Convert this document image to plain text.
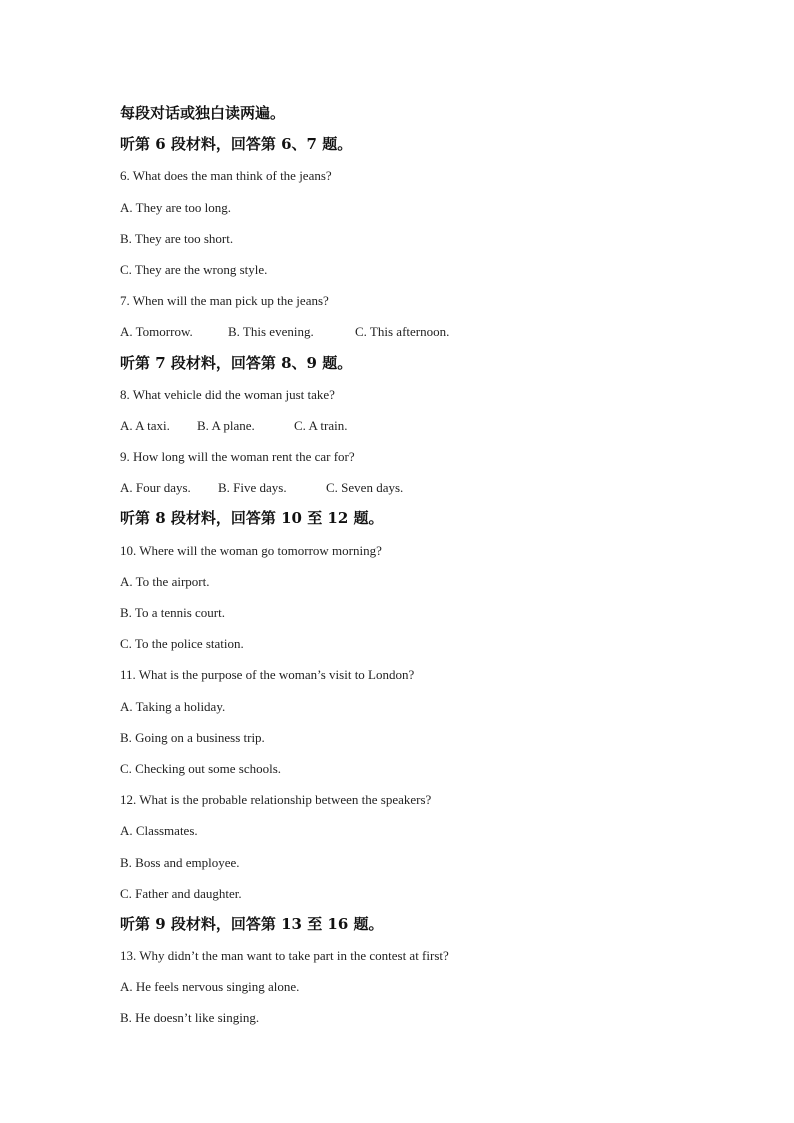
每段对话或独白读两遍。
听第 6 段材料，回答第 6、7 题。
6. What does the man think of the jeans?
A. They are too long.
B. They are too short.
C. They are the wrong style.
7. When will the man pick up the jeans?
A. Tomorrow.	B. This evening.	C. This afternoon.
听第 7 段材料，回答第 8、9 题。
8. What vehicle did the woman just take?
A. A taxi. B. A plane.	C. A train.
9. How long will the woman rent the car for?
A. Four days. B. Five days.	C. Seven days.
听第 8 段材料，回答第 10 至 12 题。
10. Where will the woman go tomorrow morning?
A. To the airport.
B. To a tennis court.
C. To the police station.
11. What is the purpose of the woman’s visit to London?
A. Taking a holiday.
B. Going on a business trip.
C. Checking out some schools.
12. What is the probable relationship between the speakers?
A. Classmates.
B. Boss and employee.
C. Father and daughter.
听第 9 段材料，回答第 13 至 16 题。
13. Why didn’t the man want to take part in the contest at first?
A. He feels nervous singing alone.
B. He doesn’t like singing.
